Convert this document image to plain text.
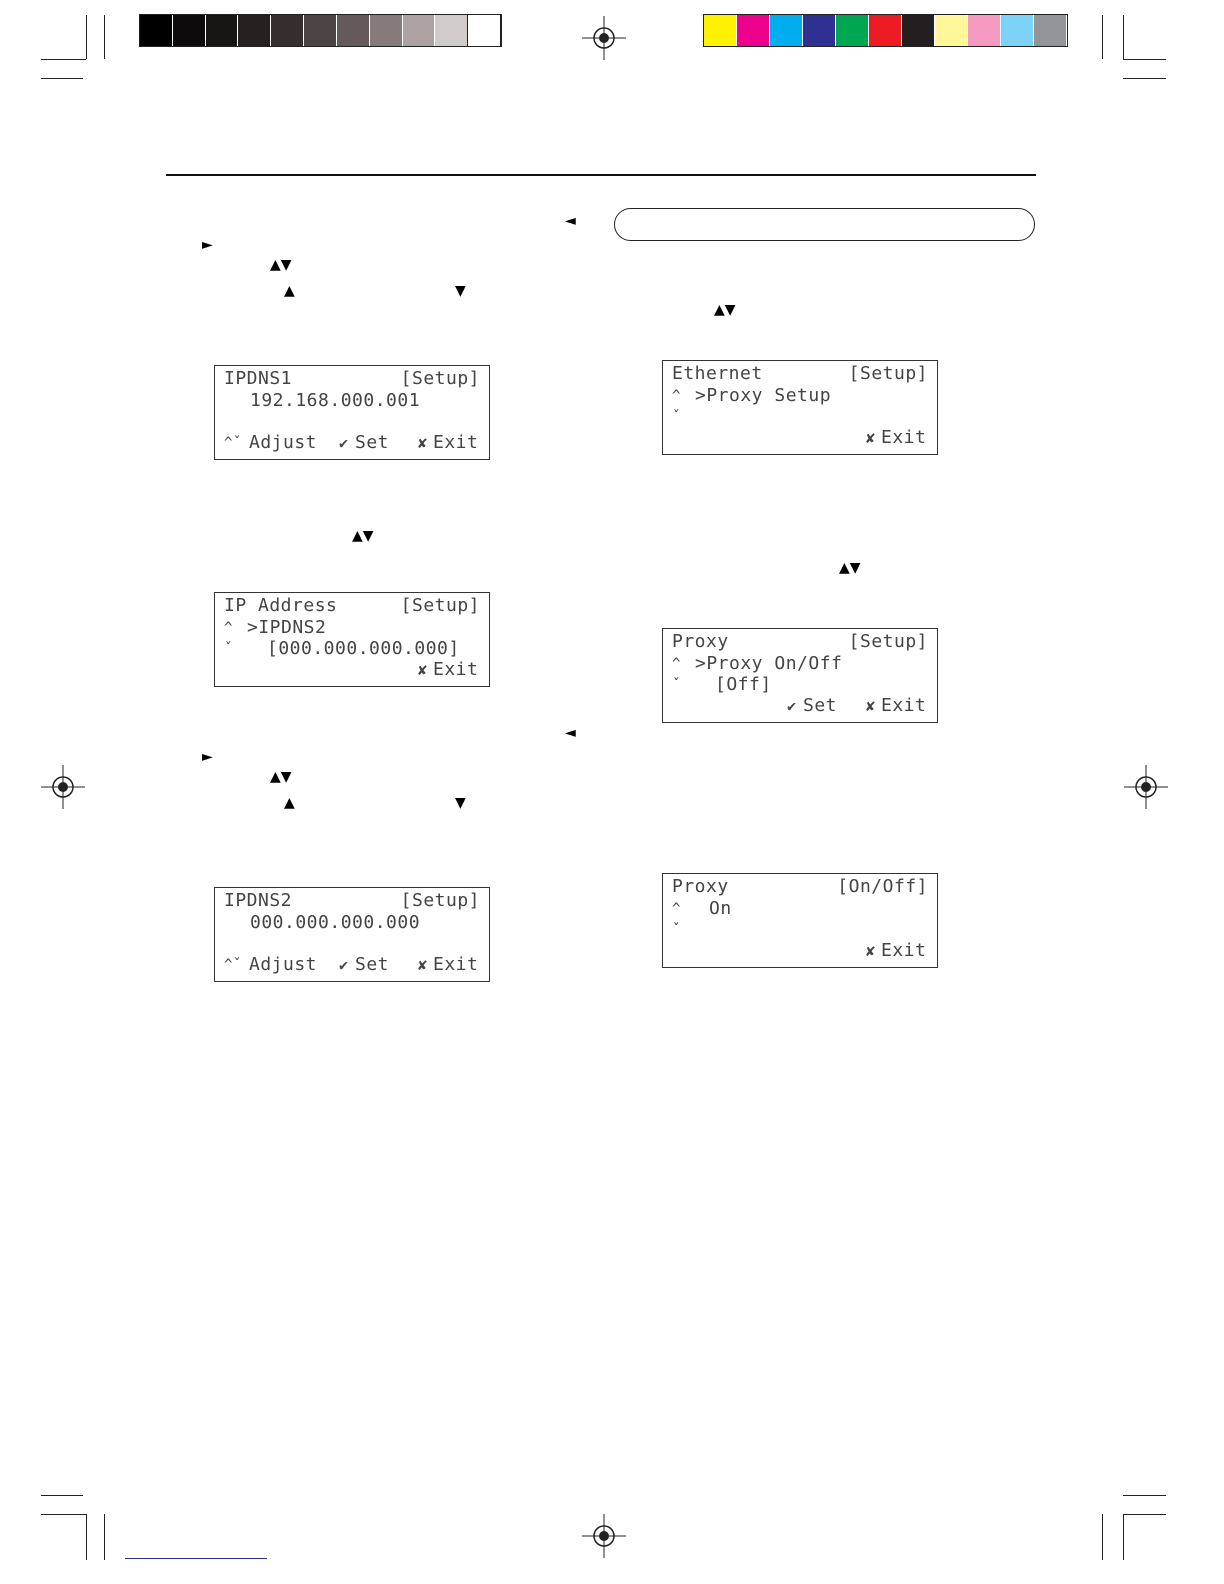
◄
►
▲▼
▲	▼
IPDNS1	[Setup]
192.168.000.001
^ˇ Adjust ✔ Set ✘ Exit
▲▼
IP Address	[Setup]
^ >IPDNS2
ˇ [000.000.000.000]
✘ Exit
◄
►
▲▼
▲	▼
IPDNS2	[Setup]
000.000.000.000
^ˇ Adjust ✔ Set ✘ Exit
▲▼
Ethernet	[Setup]
^ >Proxy Setup
ˇ
✘ Exit
▲▼
Proxy	[Setup]
^ >Proxy On/Off
ˇ [Off]
✔ Set ✘ Exit
Proxy	[On/Off]
^ On
ˇ
✘ Exit
